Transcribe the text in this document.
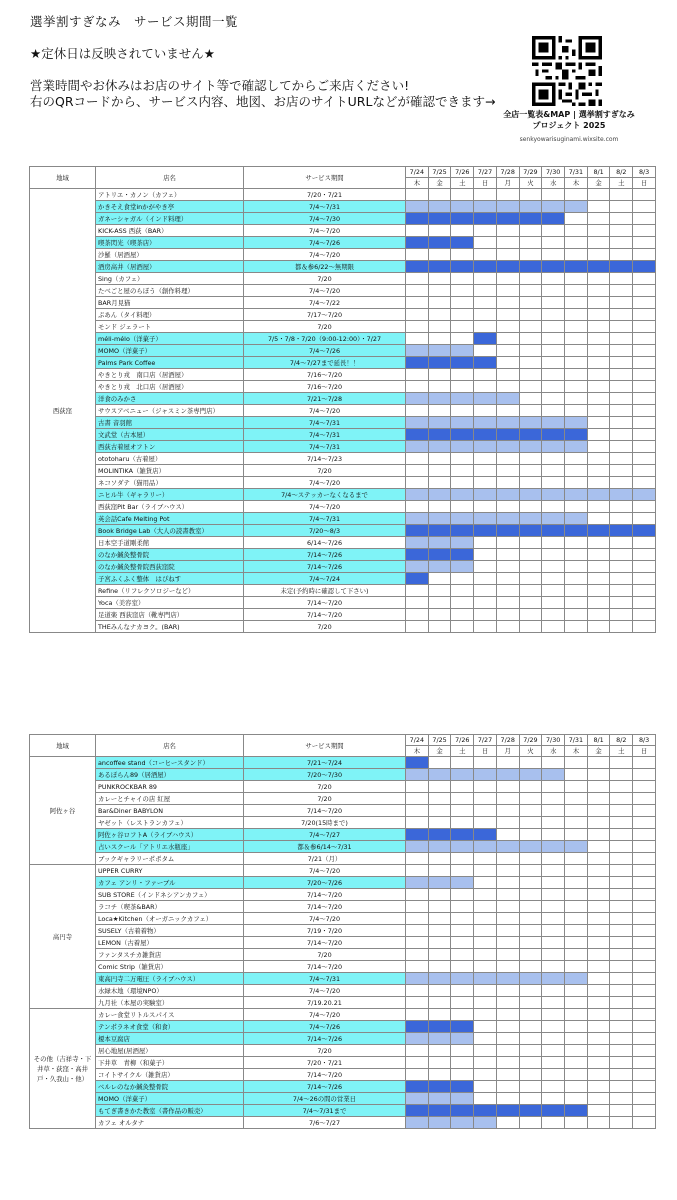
選挙割すぎなみ　サービス期間一覧
★定休日は反映されていません★
営業時間やお休みはお店のサイト等で確認してからご来店ください!
右のQRコードから、サービス内容、地図、お店のサイトURLなどが確認できます→
全店一覧表&MAP | 選挙割すぎなみ
プロジェクト 2025
senkyowarisuginami.wixsite.com
地域	店名	サービス期間	7/24	7/25	7/26	7/27	7/28	7/29	7/30	7/31	8/1	8/2	8/3
			木	金	土	日	月	火	水	木	金	土	日
西荻窪	アトリエ・カノン（カフェ）	7/20・7/21											
	かきそえ食堂inかがやき亭	7/4～7/31											
	ガネーシャガル（インド料理）	7/4～7/30											
	KICK-ASS 西荻（BAR）	7/4～7/20											
	喫茶閃光（喫茶店）	7/4～7/26											
	沙羅（居酒屋）	7/4～7/20											
	酒房高井（居酒屋）	都＆参6/22～無期限											
	Sing（カフェ）	7/20											
	たべごと屋のらぼう（創作料理）	7/4～7/20											
	BAR月見猫	7/4～7/22											
	ぷあん（タイ料理）	7/17～7/20											
	モンド ジェラート	7/20											
	méli-mélo（洋菓子）	7/5・7/8・7/20（9:00-12:00）・7/27											
	MOMO（洋菓子）	7/4～7/26											
	Palms Park Coffee	7/4～7/27まで延長！！											
	やきとり戎　南口店（居酒屋）	7/16～7/20											
	やきとり戎　北口店（居酒屋）	7/16～7/20											
	洋食のみかさ	7/21～7/28											
	サウスアベニュー（ジャスミン茶専門店）	7/4～7/20											
	古書 音羽館	7/4～7/31											
	文武堂（古本屋）	7/4～7/31											
	西荻古着屋オフトン	7/4～7/31											
	ototoharu（古着屋）	7/14～7/23											
	MOLINTIKA（雑貨店）	7/20											
	ネコソダテ（猫用品）	7/4～7/20											
	ニヒル牛（ギャラリー）	7/4～ステッカーなくなるまで											
	西荻窪Pit Bar（ライブハウス）	7/4～7/20											
	英会話Cafe Melting Pot	7/4～7/31											
	Book Bridge Lab（大人の読書教室）	7/20～8/3											
	日本空手道剛柔館	6/14～7/26											
	のなか鍼灸整骨院	7/14～7/26											
	のなか鍼灸整骨院西荻窪院	7/14～7/26											
	子宮ふくふく整体　はぴねす	7/4～7/24											
	Refine（リフレクソロジーなど）	未定(予約時に確認して下さい)											
	Yoca（美容室）	7/14～7/20											
	足道楽 西荻窪店（靴専門店）	7/14～7/20											
	THEみんなナカヨク。(BAR)	7/20											
地域	店名	サービス期間	7/24	7/25	7/26	7/27	7/28	7/29	7/30	7/31	8/1	8/2	8/3
			木	金	土	日	月	火	水	木	金	土	日
阿佐ヶ谷	ancoffee stand（コーヒースタンド）	7/21～7/24											
	あるぽらん89（居酒屋）	7/20～7/30											
	PUNKROCKBAR 89	7/20											
	カレーとチャイの店 紅屋	7/20											
	Bar&Diner BABYLON	7/14～7/20											
	ヤゼット（レストランカフェ）	7/20(15時まで)											
	阿佐ヶ谷ロフトA（ライブハウス）	7/4～7/27											
	占いスクール「アトリエ水瓶座」	都＆参6/14～7/31											
	ブックギャラリーポポタム	7/21（月）											
高円寺	UPPER CURRY	7/4～7/20											
	カフェ アンリ・ファーブル	7/20～7/26											
	SUB STORE（インドネシアンカフェ）	7/14～7/20											
	ラコチ（喫茶&BAR）	7/14～7/20											
	Loca★Kitchen（オーガニックカフェ）	7/4～7/20											
	SUSELY（古着着物）	7/19・7/20											
	LEMON（古着屋）	7/14～7/20											
	ファンタスチカ雑貨店	7/20											
	Comic Strip（雑貨店）	7/14～7/20											
	東高円寺二万電圧（ライブハウス）	7/4～7/31											
	水緑木地（環境NPO）	7/4～7/20											
	九月社（本屋の実験室）	7/19.20.21											
その他（吉祥寺・下井草・荻窪・高井戸・久我山・他）	カレー食堂リトルスパイス	7/4～7/20											
	テンポラネオ食堂（和食）	7/4～7/26											
	榎本豆腐店	7/14～7/26											
	居心地屋(居酒屋）	7/20											
	下井草　青柳（和菓子）	7/20・7/21											
	コイトサイクル（雑貨店）	7/14～7/20											
	ベルレのなか鍼灸整骨院	7/14～7/26											
	MOMO（洋菓子）	7/4～26の間の営業日											
	もてぎ書きかた教室（書作品の販売）	7/4～7/31まで											
	カフェ オルタナ	7/6～7/27											
